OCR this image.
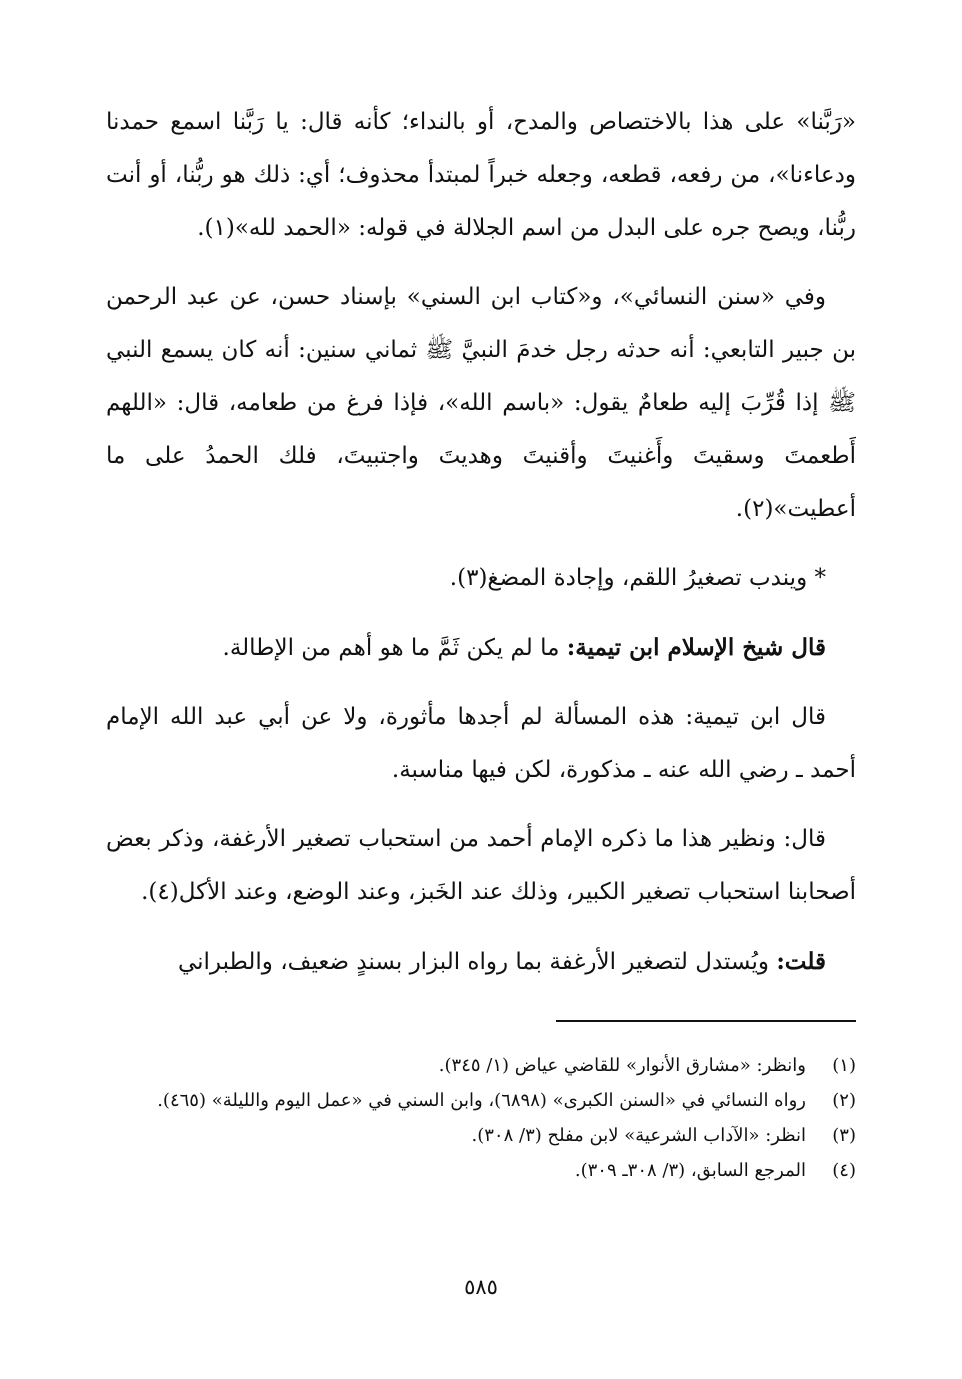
«رَبَّنا» على هذا بالاختصاص والمدح، أو بالنداء؛ كأنه قال: يا رَبَّنا اسمع حمدنا ودعاءنا»، من رفعه، قطعه، وجعله خبراً لمبتدأ محذوف؛ أي: ذلك هو ربُّنا، أو أنت ربُّنا، ويصح جره على البدل من اسم الجلالة في قوله: «الحمد لله»(١).

وفي «سنن النسائي»، و«كتاب ابن السني» بإسناد حسن، عن عبد الرحمن بن جبير التابعي: أنه حدثه رجل خدمَ النبيَّ ﷺ ثماني سنين: أنه كان يسمع النبي ﷺ إذا قُرِّبَ إليه طعامٌ يقول: «باسم الله»، فإذا فرغ من طعامه، قال: «اللهم أَطعمتَ وسقيتَ وأَغنيتَ وأقنيتَ وهديتَ واجتبيتَ، فلك الحمدُ على ما أعطيت»(٢).

* ويندب تصغيرُ اللقم، وإجادة المضغ(٣).

قال شيخ الإسلام ابن تيمية: ما لم يكن ثَمَّ ما هو أهم من الإطالة.

قال ابن تيمية: هذه المسألة لم أجدها مأثورة، ولا عن أبي عبد الله الإمام أحمد ـ رضي الله عنه ـ مذكورة، لكن فيها مناسبة.

قال: ونظير هذا ما ذكره الإمام أحمد من استحباب تصغير الأرغفة، وذكر بعض أصحابنا استحباب تصغير الكبير، وذلك عند الخَبز، وعند الوضع، وعند الأكل(٤).

قلت: ويُستدل لتصغير الأرغفة بما رواه البزار بسندٍ ضعيف، والطبراني

(١)
وانظر: «مشارق الأنوار» للقاضي عياض (١/ ٣٤٥).
(٢)
رواه النسائي في «السنن الكبرى» (٦٨٩٨)، وابن السني في «عمل اليوم والليلة» (٤٦٥).
(٣)
انظر: «الآداب الشرعية» لابن مفلح (٣/ ٣٠٨).
(٤)
المرجع السابق، (٣/ ٣٠٨ـ ٣٠٩).
٥٨٥
